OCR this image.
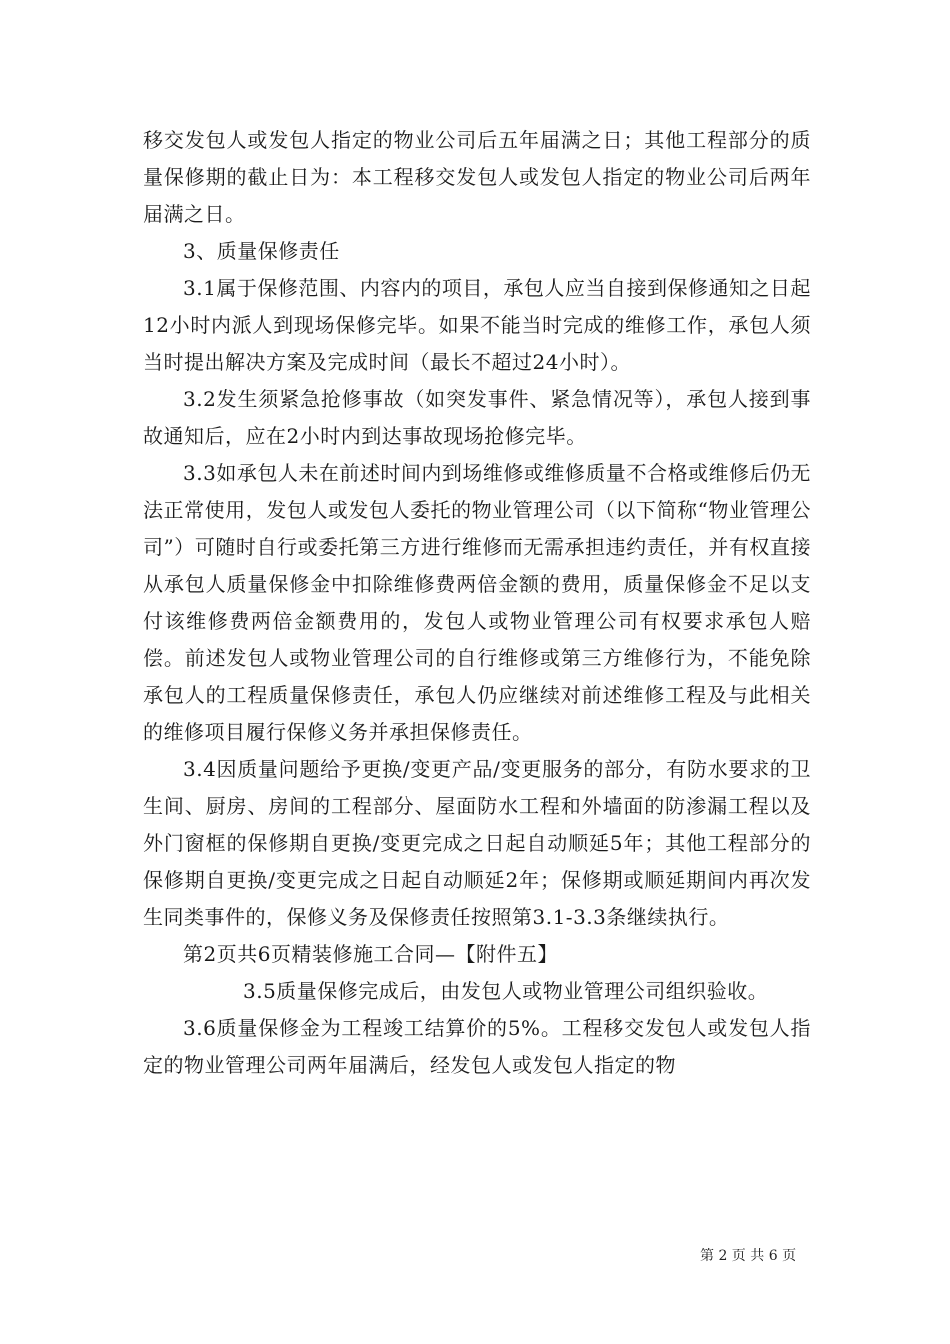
移交发包人或发包人指定的物业公司后五年届满之日；其他工程部分的质量保修期的截止日为：本工程移交发包人或发包人指定的物业公司后两年届满之日。

3、质量保修责任

3.1属于保修范围、内容内的项目，承包人应当自接到保修通知之日起12小时内派人到现场保修完毕。如果不能当时完成的维修工作，承包人须当时提出解决方案及完成时间（最长不超过24小时）。

3.2发生须紧急抢修事故（如突发事件、紧急情况等），承包人接到事故通知后，应在2小时内到达事故现场抢修完毕。

3.3如承包人未在前述时间内到场维修或维修质量不合格或维修后仍无法正常使用，发包人或发包人委托的物业管理公司（以下简称“物业管理公司”）可随时自行或委托第三方进行维修而无需承担违约责任，并有权直接从承包人质量保修金中扣除维修费两倍金额的费用，质量保修金不足以支付该维修费两倍金额费用的，发包人或物业管理公司有权要求承包人赔偿。前述发包人或物业管理公司的自行维修或第三方维修行为，不能免除承包人的工程质量保修责任，承包人仍应继续对前述维修工程及与此相关的维修项目履行保修义务并承担保修责任。

3.4因质量问题给予更换/变更产品/变更服务的部分，有防水要求的卫生间、厨房、房间的工程部分、屋面防水工程和外墙面的防渗漏工程以及外门窗框的保修期自更换/变更完成之日起自动顺延5年；其他工程部分的保修期自更换/变更完成之日起自动顺延2年；保修期或顺延期间内再次发生同类事件的，保修义务及保修责任按照第3.1-3.3条继续执行。

第2页共6页精装修施工合同—【附件五】

3.5质量保修完成后，由发包人或物业管理公司组织验收。

3.6质量保修金为工程竣工结算价的5%。工程移交发包人或发包人指定的物业管理公司两年届满后，经发包人或发包人指定的物

第 2 页 共 6 页
